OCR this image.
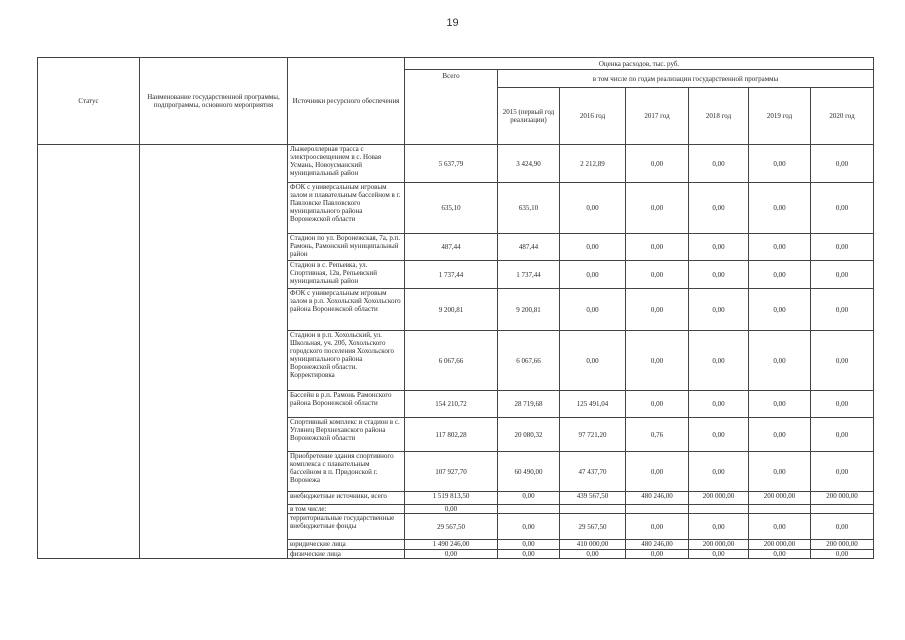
19
Статус	Наименование государственной программы, подпрограммы, основного мероприятия	Источники ресурсного обеспечения	Оценка расходов, тыс. руб.						
			Всего	в том числе по годам реализации государственной программы					
				2015 (первый год реализации)	2016 год	2017 год	2018 год	2019 год	2020 год
		Лыжероллерная трасса с электроосвещением в с. Новая Усмань, Новоусманский муниципальный район	5 637,79	3 424,90	2 212,89	0,00	0,00	0,00	0,00
		ФОК с универсальным игровым залом и плавательным бассейном в г. Павловске Павловского муниципального района Воронежской области	635,10	635,10	0,00	0,00	0,00	0,00	0,00
		Стадион по ул. Воронежская, 7а, р.п. Рамонь, Рамонский муниципальный район	487,44	487,44	0,00	0,00	0,00	0,00	0,00
		Стадион в с. Репьевка, ул. Спортивная, 12в, Репьевский муниципальный район	1 737,44	1 737,44	0,00	0,00	0,00	0,00	0,00
		ФОК с универсальным игровым залом в р.п. Хохольский Хохольского района Воронежской области	9 200,81	9 200,81	0,00	0,00	0,00	0,00	0,00
		Стадион в р.п. Хохольский, ул. Школьная, уч. 20б, Хохольского городского поселения Хохольского муниципального района Воронежской области. Корректировка	6 067,66	6 067,66	0,00	0,00	0,00	0,00	0,00
		Бассейн в р.п. Рамонь Рамонского района Воронежской области	154 210,72	28 719,68	125 491,04	0,00	0,00	0,00	0,00
		Спортивный комплекс и стадион в с. Углянец Верхнехавского района Воронежской области	117 802,28	20 080,32	97 721,20	0,76	0,00	0,00	0,00
		Приобретение здания спортивного комплекса с плавательным бассейном в п. Придонской г. Воронежа	107 927,70	60 490,00	47 437,70	0,00	0,00	0,00	0,00
		внебюджетные источники, всего	1 519 813,50	0,00	439 567,50	480 246,00	200 000,00	200 000,00	200 000,00
		в том числе:	0,00						
		территориальные государственные внебюджетные фонды	29 567,50	0,00	29 567,50	0,00	0,00	0,00	0,00
		юридические лица	1 490 246,00	0,00	410 000,00	480 246,00	200 000,00	200 000,00	200 000,00
		физические лица	0,00	0,00	0,00	0,00	0,00	0,00	0,00
